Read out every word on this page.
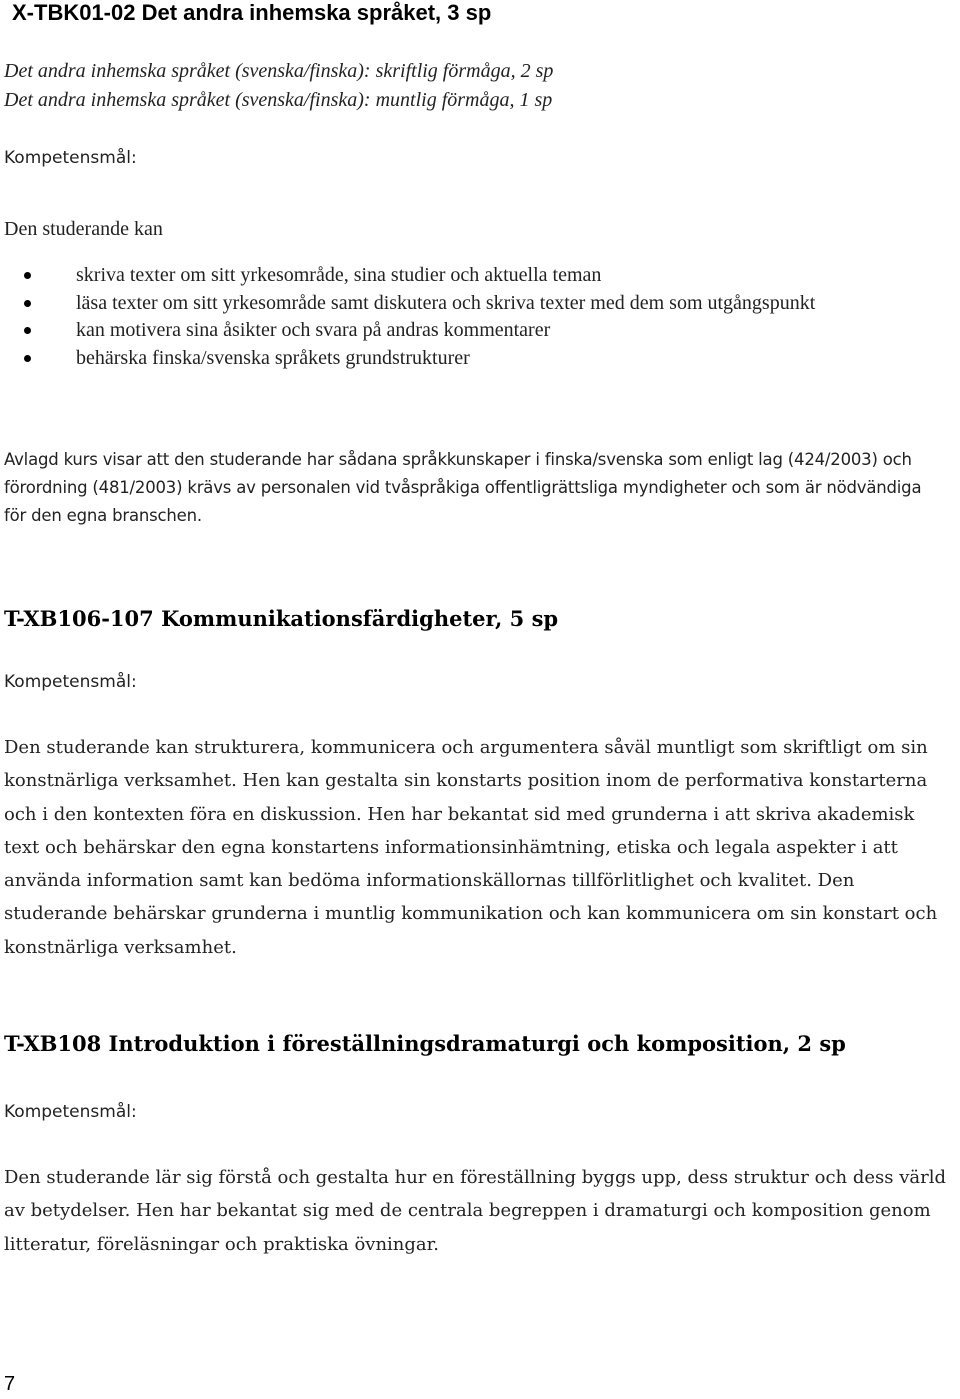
X-TBK01-02 Det andra inhemska språket, 3 sp
Det andra inhemska språket (svenska/finska): skriftlig förmåga, 2 sp
Det andra inhemska språket (svenska/finska): muntlig förmåga, 1 sp
Kompetensmål:
Den studerande kan
skriva texter om sitt yrkesområde, sina studier och aktuella teman
läsa texter om sitt yrkesområde samt diskutera och skriva texter med dem som utgångspunkt
kan motivera sina åsikter och svara på andras kommentarer
behärska finska/svenska språkets grundstrukturer
Avlagd kurs visar att den studerande har sådana språkkunskaper i finska/svenska som enligt lag (424/2003) och förordning (481/2003) krävs av personalen vid tvåspråkiga offentligrättsliga myndigheter och som är nödvändiga för den egna branschen.
T-XB106-107 Kommunikationsfärdigheter, 5 sp
Kompetensmål:
Den studerande kan strukturera, kommunicera och argumentera såväl muntligt som skriftligt om sin konstnärliga verksamhet. Hen kan gestalta sin konstarts position inom de performativa konstarterna och i den kontexten föra en diskussion. Hen har bekantat sid med grunderna i att skriva akademisk text och behärskar den egna konstartens informationsinhämtning, etiska och legala aspekter i att använda information samt kan bedöma informationskällornas tillförlitlighet och kvalitet. Den studerande behärskar grunderna i muntlig kommunikation och kan kommunicera om sin konstart och konstnärliga verksamhet.
T-XB108 Introduktion i föreställningsdramaturgi och komposition, 2 sp
Kompetensmål:
Den studerande lär sig förstå och gestalta hur en föreställning byggs upp, dess struktur och dess värld av betydelser. Hen har bekantat sig med de centrala begreppen i dramaturgi och komposition genom litteratur, föreläsningar och praktiska övningar.
7
